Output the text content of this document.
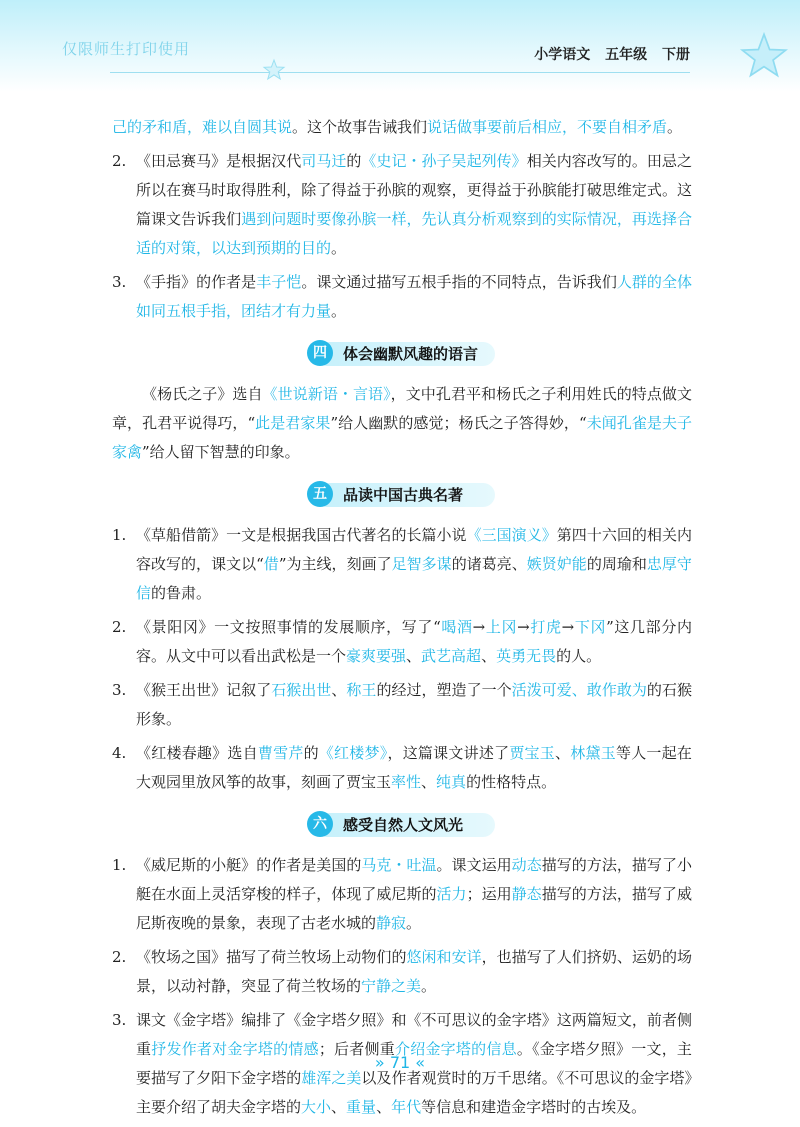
仅限师生打印使用	小学语文 五年级 下册

己的矛和盾，难以自圆其说。这个故事告诫我们说话做事要前后相应，不要自相矛盾。

2. 《田忌赛马》是根据汉代司马迁的《史记・孙子吴起列传》相关内容改写的。田忌之所以在赛马时取得胜利，除了得益于孙膑的观察，更得益于孙膑能打破思维定式。这篇课文告诉我们遇到问题时要像孙膑一样，先认真分析观察到的实际情况，再选择合适的对策，以达到预期的目的。

3. 《手指》的作者是丰子恺。课文通过描写五根手指的不同特点，告诉我们人群的全体如同五根手指，团结才有力量。

四	体会幽默风趣的语言

《杨氏之子》选自《世说新语・言语》，文中孔君平和杨氏之子利用姓氏的特点做文章，孔君平说得巧，“此是君家果”给人幽默的感觉；杨氏之子答得妙，“未闻孔雀是夫子家禽”给人留下智慧的印象。

五	品读中国古典名著

1. 《草船借箭》一文是根据我国古代著名的长篇小说《三国演义》第四十六回的相关内容改写的，课文以“借”为主线，刻画了足智多谋的诸葛亮、嫉贤妒能的周瑜和忠厚守信的鲁肃。

2. 《景阳冈》一文按照事情的发展顺序，写了“喝酒→上冈→打虎→下冈”这几部分内容。从文中可以看出武松是一个豪爽要强、武艺高超、英勇无畏的人。

3. 《猴王出世》记叙了石猴出世、称王的经过，塑造了一个活泼可爱、敢作敢为的石猴形象。

4. 《红楼春趣》选自曹雪芹的《红楼梦》，这篇课文讲述了贾宝玉、林黛玉等人一起在大观园里放风筝的故事，刻画了贾宝玉率性、纯真的性格特点。

六	感受自然人文风光

1. 《威尼斯的小艇》的作者是美国的马克・吐温。课文运用动态描写的方法，描写了小艇在水面上灵活穿梭的样子，体现了威尼斯的活力；运用静态描写的方法，描写了威尼斯夜晚的景象，表现了古老水城的静寂。

2. 《牧场之国》描写了荷兰牧场上动物们的悠闲和安详，也描写了人们挤奶、运奶的场景，以动衬静，突显了荷兰牧场的宁静之美。

3. 课文《金字塔》编排了《金字塔夕照》和《不可思议的金字塔》这两篇短文，前者侧重抒发作者对金字塔的情感；后者侧重介绍金字塔的信息。《金字塔夕照》一文，主要描写了夕阳下金字塔的雄浑之美以及作者观赏时的万千思绪。《不可思议的金字塔》主要介绍了胡夫金字塔的大小、重量、年代等信息和建造金字塔时的古埃及。

» 71 «
